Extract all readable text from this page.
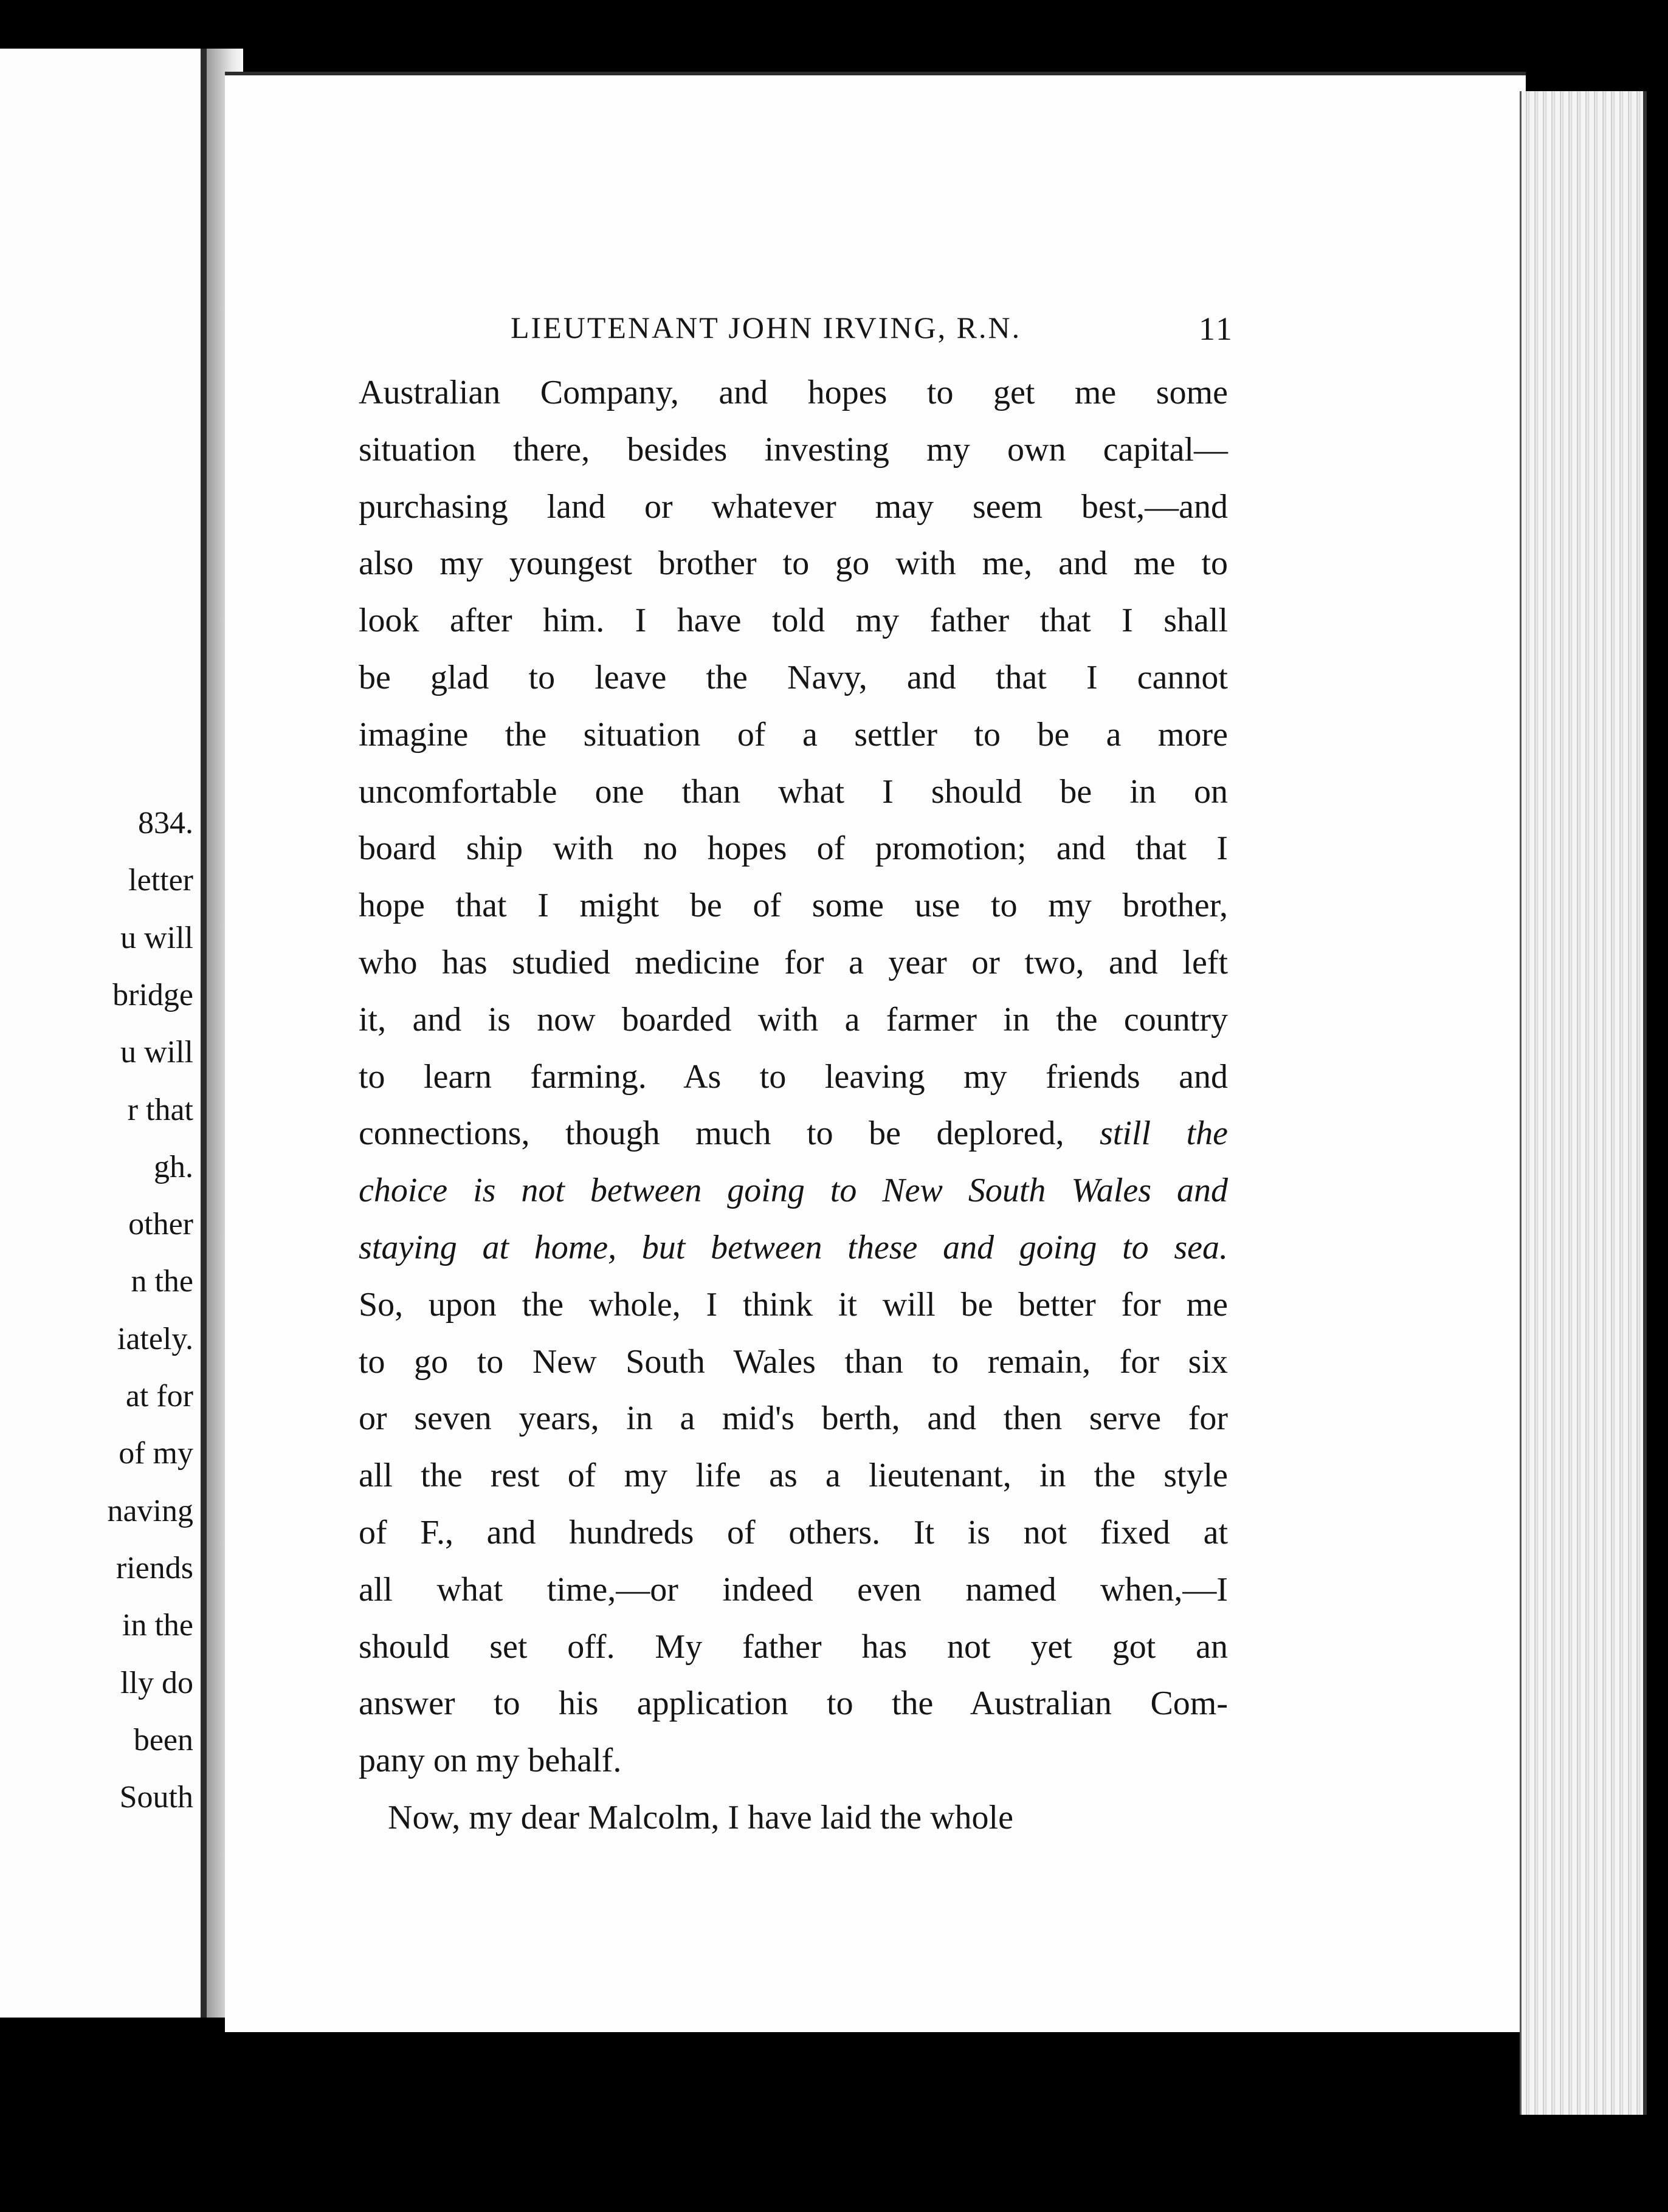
834.
letter
u will
bridge
u will
r that
gh.
other
n the
iately.
at for
of my
naving
riends
in the
lly do
been
South
LIEUTENANT JOHN IRVING, R.N.	11
Australian Company, and hopes to get me some
situation there, besides investing my own capital—
purchasing land or whatever may seem best,—and
also my youngest brother to go with me, and me to
look after him. I have told my father that I shall
be glad to leave the Navy, and that I cannot
imagine the situation of a settler to be a more
uncomfortable one than what I should be in on
board ship with no hopes of promotion; and that I
hope that I might be of some use to my brother,
who has studied medicine for a year or two, and left
it, and is now boarded with a farmer in the country
to learn farming. As to leaving my friends and
connections, though much to be deplored, still the
choice is not between going to New South Wales and
staying at home, but between these and going to sea.
So, upon the whole, I think it will be better for me
to go to New South Wales than to remain, for six
or seven years, in a mid's berth, and then serve for
all the rest of my life as a lieutenant, in the style
of F., and hundreds of others. It is not fixed at
all what time,—or indeed even named when,—I
should set off. My father has not yet got an
answer to his application to the Australian Com-
pany on my behalf.
Now, my dear Malcolm, I have laid the whole
